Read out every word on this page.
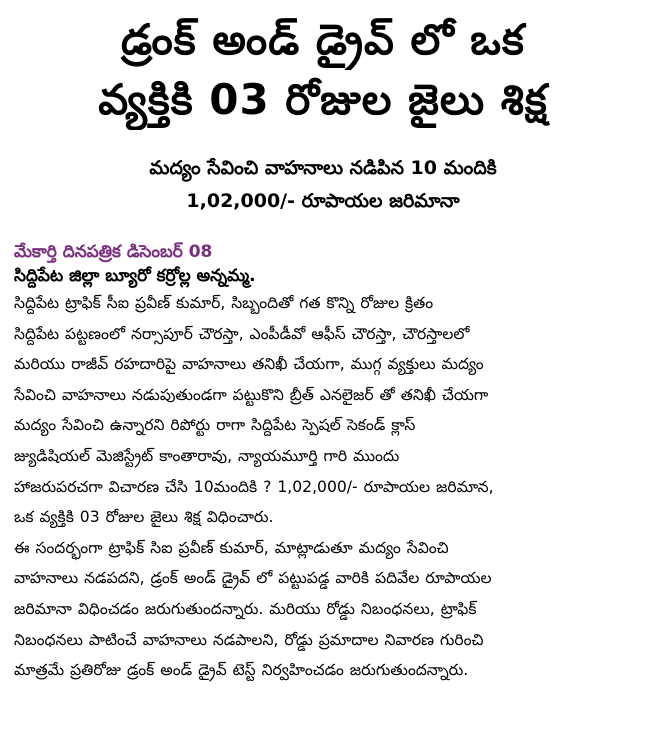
డ్రంక్ అండ్ డ్రైవ్ లో ఒక
వ్యక్తికి 03 రోజుల జైలు శిక్ష
మద్యం సేవించి వాహనాలు నడిపిన 10 మందికి
1,02,000/- రూపాయల జరిమానా
మేకార్తి దినపత్రిక డిసెంబర్ 08
సిద్దిపేట జిల్లా బ్యూరో కర్రోల్ల అన్నమ్మ.
సిద్దిపేట ట్రాఫిక్ సీఐ ప్రవీణ్ కుమార్, సిబ్బందితో గత కొన్ని రోజుల క్రితం
సిద్దిపేట పట్టణంలో నర్సాపూర్ చౌరస్తా, ఎంపీడీవో ఆఫీస్ చౌరస్తా, చౌరస్తాలలో
మరియు రాజీవ్ రహదారిపై వాహనాలు తనిఖీ చేయగా, ముగ్గ వ్యక్తులు మద్యం
సేవించి వాహనాలు నడుపుతుండగా పట్టుకొని బ్రీత్ ఎనలైజర్ తో తనిఖీ చేయగా
మద్యం సేవించి ఉన్నారని రిపోర్టు రాగా సిద్దిపేట స్పెషల్ సెకండ్ క్లాస్
జ్యుడిషియల్ మెజిస్ట్రేట్ కాంతారావు, న్యాయమూర్తి గారి ముందు
హాజరుపరచగా విచారణ చేసి 10మందికి ? 1,02,000/- రూపాయల జరిమాన,
ఒక వ్యక్తికి 03 రోజుల జైలు శిక్ష విధించారు.
ఈ సందర్భంగా ట్రాఫిక్ సిఐ ప్రవీణ్ కుమార్, మాట్లాడుతూ మద్యం సేవించి
వాహనాలు నడపదని, డ్రంక్ అండ్ డ్రైవ్ లో పట్టుపడ్డ వారికి పదివేల రూపాయల
జరిమానా విధించడం జరుగుతుందన్నారు. మరియు రోడ్డు నిబంధనలు, ట్రాఫిక్
నిబంధనలు పాటించే వాహనాలు నడపాలని, రోడ్డు ప్రమాదాల నివారణ గురించి
మాత్రమే ప్రతిరోజు డ్రంక్ అండ్ డ్రైవ్ టెస్ట్ నిర్వహించడం జరుగుతుందన్నారు.
